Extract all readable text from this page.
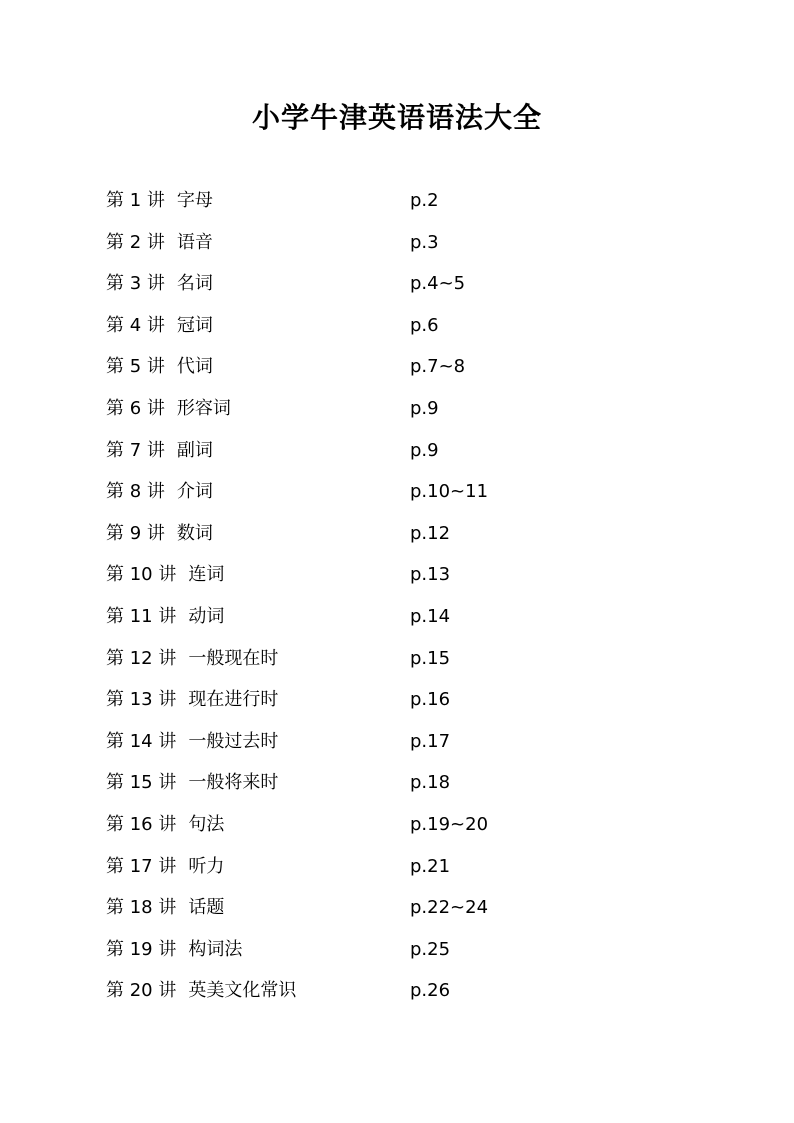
小学牛津英语语法大全
第 1 讲 字母	p.2
第 2 讲 语音	p.3
第 3 讲 名词	p.4~5
第 4 讲 冠词	p.6
第 5 讲 代词	p.7~8
第 6 讲 形容词	p.9
第 7 讲 副词	p.9
第 8 讲 介词	p.10~11
第 9 讲 数词	p.12
第 10 讲 连词	p.13
第 11 讲 动词	p.14
第 12 讲 一般现在时	p.15
第 13 讲 现在进行时	p.16
第 14 讲 一般过去时	p.17
第 15 讲 一般将来时	p.18
第 16 讲 句法	p.19~20
第 17 讲 听力	p.21
第 18 讲 话题	p.22~24
第 19 讲 构词法	p.25
第 20 讲 英美文化常识	p.26
